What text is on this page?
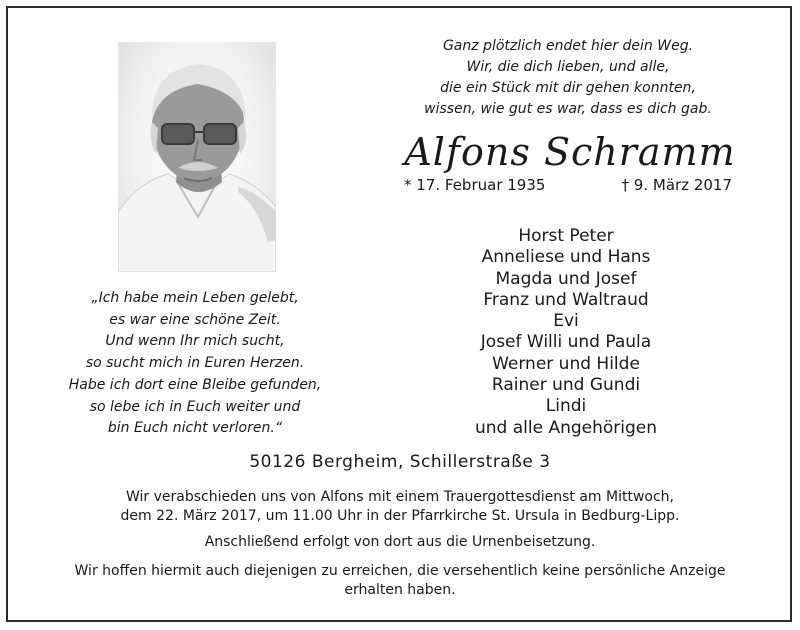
Ganz plötzlich endet hier dein Weg.
Wir, die dich lieben, und alle,
die ein Stück mit dir gehen konnten,
wissen, wie gut es war, dass es dich gab.
Alfons Schramm
* 17. Februar 1935	† 9. März 2017
Horst Peter
Anneliese und Hans
Magda und Josef
Franz und Waltraud
Evi
Josef Willi und Paula
Werner und Hilde
Rainer und Gundi
Lindi
und alle Angehörigen
„Ich habe mein Leben gelebt,
es war eine schöne Zeit.
Und wenn Ihr mich sucht,
so sucht mich in Euren Herzen.
Habe ich dort eine Bleibe gefunden,
so lebe ich in Euch weiter und
bin Euch nicht verloren.“
50126 Bergheim, Schillerstraße 3
Wir verabschieden uns von Alfons mit einem Trauergottesdienst am Mittwoch,
dem 22. März 2017, um 11.00 Uhr in der Pfarrkirche St. Ursula in Bedburg-Lipp.
Anschließend erfolgt von dort aus die Urnenbeisetzung.
Wir hoffen hiermit auch diejenigen zu erreichen, die versehentlich keine persönliche Anzeige
erhalten haben.
